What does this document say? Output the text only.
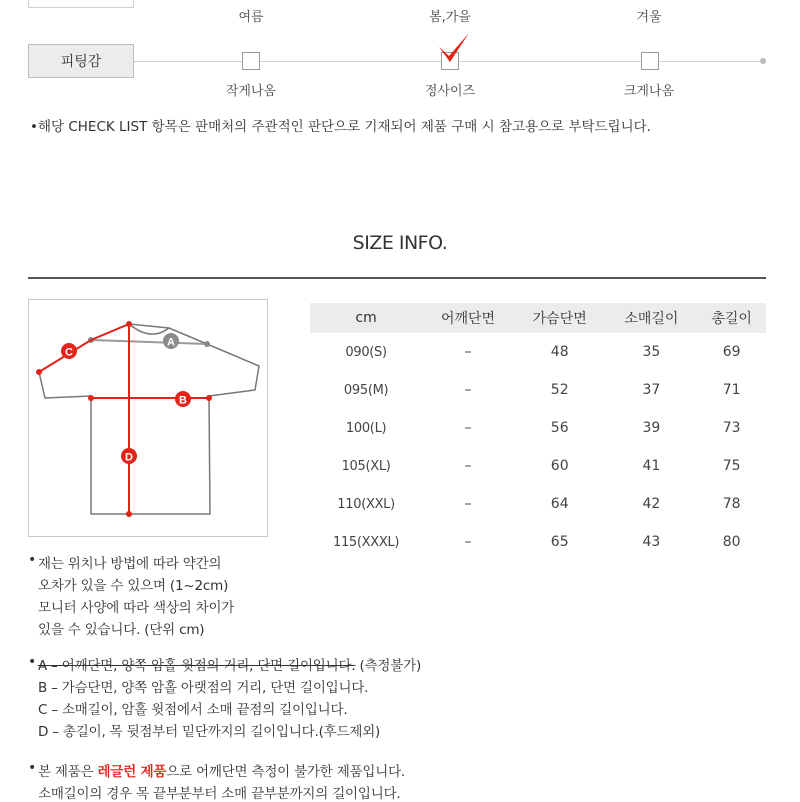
여름	봄,가을	겨울
피팅감
작게나옴	정사이즈	크게나옴
•해당 CHECK LIST 항목은 판매처의 주관적인 판단으로 기재되어 제품 구매 시 참고용으로 부탁드립니다.
SIZE INFO.
A
C
B
D
cm	어깨단면	가슴단면	소매길이	총길이
090(S)	–	48	35	69
095(M)	–	52	37	71
100(L)	–	56	39	73
105(XL)	–	60	41	75
110(XXL)	–	64	42	78
115(XXXL)	–	65	43	80
• 재는 위치나 방법에 따라 약간의
오차가 있을 수 있으며 (1~2cm)
모니터 사양에 따라 색상의 차이가
있을 수 있습니다. (단위 cm)
• A – 어깨단면, 양쪽 암홀 윗점의 거리, 단면 길이입니다. (측정불가)
B – 가슴단면, 양쪽 암홀 아랫점의 거리, 단면 길이입니다.
C – 소매길이, 암홀 윗점에서 소매 끝점의 길이입니다.
D – 총길이, 목 뒷점부터 밑단까지의 길이입니다.(후드제외)
• 본 제품은 레글런 제품으로 어깨단면 측정이 불가한 제품입니다.
소매길이의 경우 목 끝부분부터 소매 끝부분까지의 길이입니다.
